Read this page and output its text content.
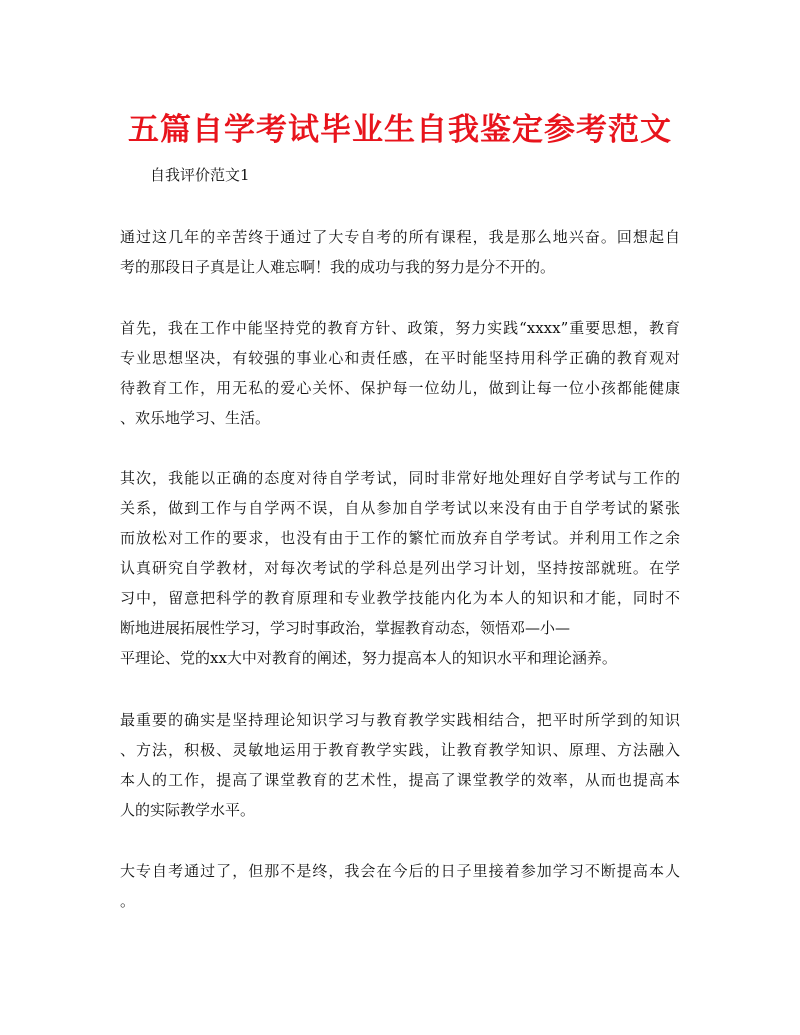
五篇自学考试毕业生自我鉴定参考范文

自我评价范文1

通过这几年的辛苦终于通过了大专自考的所有课程，我是那么地兴奋。回想起自
考的那段日子真是让人难忘啊！我的成功与我的努力是分不开的。

首先，我在工作中能坚持党的教育方针、政策，努力实践“xxxx”重要思想，教育
专业思想坚决，有较强的事业心和责任感，在平时能坚持用科学正确的教育观对
待教育工作，用无私的爱心关怀、保护每一位幼儿，做到让每一位小孩都能健康
、欢乐地学习、生活。

其次，我能以正确的态度对待自学考试，同时非常好地处理好自学考试与工作的
关系，做到工作与自学两不误，自从参加自学考试以来没有由于自学考试的紧张
而放松对工作的要求，也没有由于工作的繁忙而放弃自学考试。并利用工作之余
认真研究自学教材，对每次考试的学科总是列出学习计划，坚持按部就班。在学
习中，留意把科学的教育原理和专业教学技能内化为本人的知识和才能，同时不
断地进展拓展性学习，学习时事政治，掌握教育动态，领悟邓—小—
平理论、党的xx大中对教育的阐述，努力提高本人的知识水平和理论涵养。

最重要的确实是坚持理论知识学习与教育教学实践相结合，把平时所学到的知识
、方法，积极、灵敏地运用于教育教学实践，让教育教学知识、原理、方法融入
本人的工作，提高了课堂教育的艺术性，提高了课堂教学的效率，从而也提高本
人的实际教学水平。

大专自考通过了，但那不是终，我会在今后的日子里接着参加学习不断提高本人
。
